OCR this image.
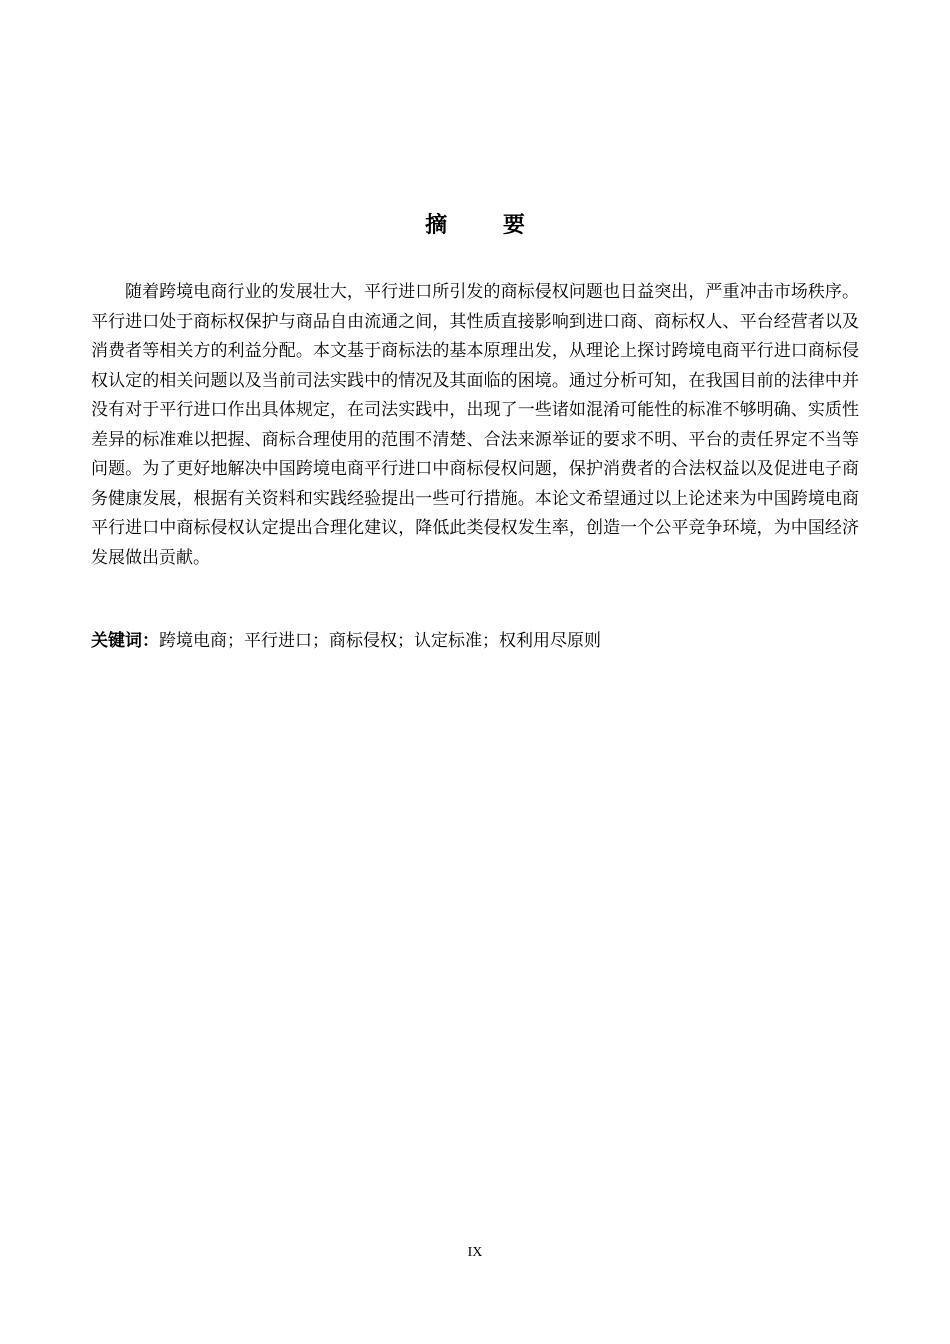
摘 要

随着跨境电商行业的发展壮大，平行进口所引发的商标侵权问题也日益突出，严重冲击市场秩序。平行进口处于商标权保护与商品自由流通之间，其性质直接影响到进口商、商标权人、平台经营者以及消费者等相关方的利益分配。本文基于商标法的基本原理出发，从理论上探讨跨境电商平行进口商标侵权认定的相关问题以及当前司法实践中的情况及其面临的困境。通过分析可知，在我国目前的法律中并没有对于平行进口作出具体规定，在司法实践中，出现了一些诸如混淆可能性的标准不够明确、实质性差异的标准难以把握、商标合理使用的范围不清楚、合法来源举证的要求不明、平台的责任界定不当等问题。为了更好地解决中国跨境电商平行进口中商标侵权问题，保护消费者的合法权益以及促进电子商务健康发展，根据有关资料和实践经验提出一些可行措施。本论文希望通过以上论述来为中国跨境电商平行进口中商标侵权认定提出合理化建议，降低此类侵权发生率，创造一个公平竞争环境，为中国经济发展做出贡献。

关键词：跨境电商；平行进口；商标侵权；认定标准；权利用尽原则
IX
